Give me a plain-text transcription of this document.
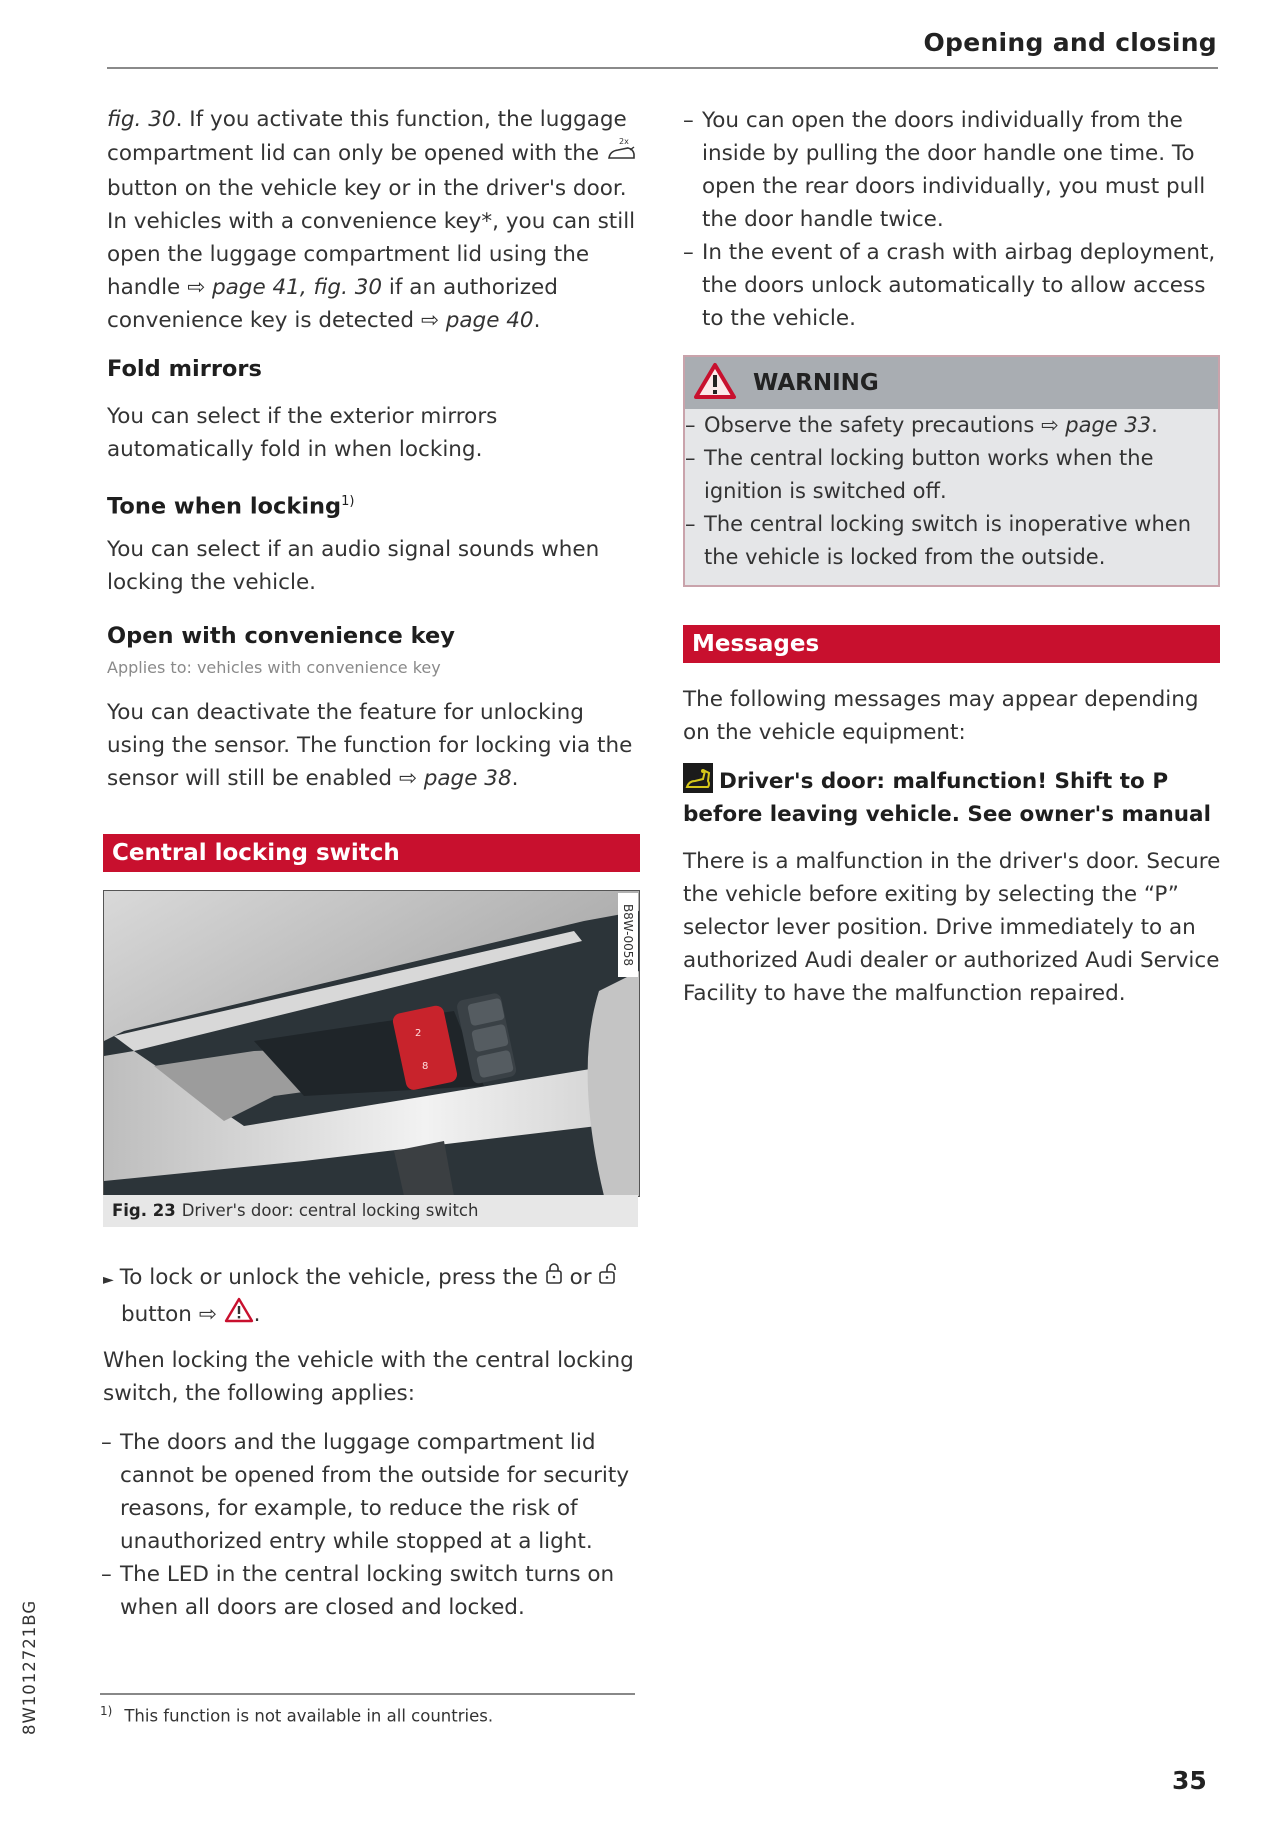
Opening and closing
fig. 30. If you activate this function, the luggage compartment lid can only be opened with the 2x
button on the vehicle key or in the driver's door. In vehicles with a convenience key*, you can still open the luggage compartment lid using the handle ⇨ page 41, fig. 30 if an authorized convenience key is detected ⇨ page 40.
Fold mirrors
You can select if the exterior mirrors automatically fold in when locking.
Tone when locking$^{1)}$
You can select if an audio signal sounds when locking the vehicle.
Open with convenience key
Applies to: vehicles with convenience key
You can deactivate the feature for unlocking using the sensor. The function for locking via the sensor will still be enabled ⇨ page 38.
Central locking switch
2
8
B8W-0058
Fig. 23 Driver's door: central locking switch
► To lock or unlock the vehicle, press the  or
button ⇨ .
When locking the vehicle with the central locking switch, the following applies:
– The doors and the luggage compartment lid cannot be opened from the outside for security reasons, for example, to reduce the risk of unauthorized entry while stopped at a light.
– The LED in the central locking switch turns on when all doors are closed and locked.
$^{1)}$ This function is not available in all countries.
8W1012721BG
– You can open the doors individually from the inside by pulling the door handle one time. To open the rear doors individually, you must pull the door handle twice.
– In the event of a crash with airbag deployment, the doors unlock automatically to allow access to the vehicle.
WARNING
– Observe the safety precautions ⇨ page 33.
– The central locking button works when the ignition is switched off.
– The central locking switch is inoperative when the vehicle is locked from the outside.
Messages
The following messages may appear depending on the vehicle equipment:
Driver's door: malfunction! Shift to P before leaving vehicle. See owner's manual
There is a malfunction in the driver's door. Secure the vehicle before exiting by selecting the “P” selector lever position. Drive immediately to an authorized Audi dealer or authorized Audi Service Facility to have the malfunction repaired.
35
